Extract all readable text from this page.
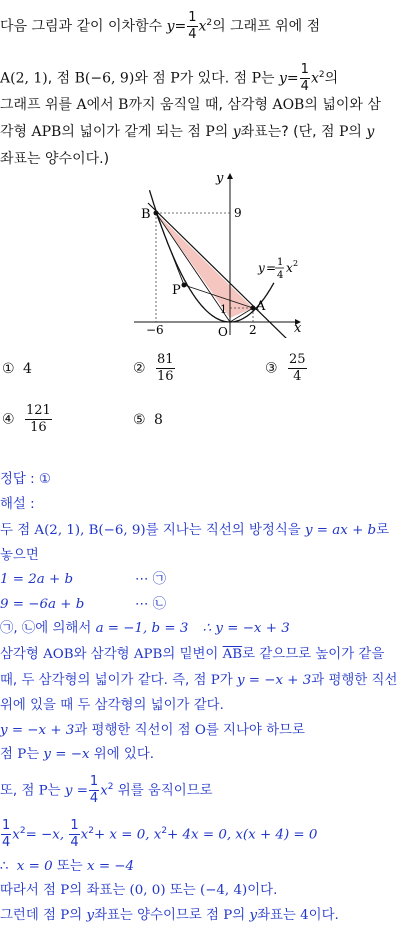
다음 그림과 같이 이차함수 $y= \frac{1}{4} x^2$의 그래프 위에 점
A(2, 1), 점 B(−6, 9)와 점 P가 있다. 점 P는 $y= \frac{1}{4} x^2$의
그래프 위를 A에서 B까지 움직일 때, 삼각형 AOB의 넓이와 삼
각형 APB의 넓이가 같게 되는 점 P의 y좌표는? (단, 점 P의 y
좌표는 양수이다.)
y
x
B
A
P
O
9
1
2
−6
y = 1
4
x 2
① 4	② $\frac{81}{16}$	③ $\frac{25}{4}$
④ $\frac{121}{16}$	⑤ 8
정답 : ①
해설 :
두 점 A(2, 1), B(−6, 9)를 지나는 직선의 방정식을 y = ax + b로
놓으면
1 = 2a + b	⋯ ㉠
9 = −6a + b	⋯ ㉡
㉠, ㉡에 의해서 a = −1, b = 3 ∴ y = −x + 3
삼각형 AOB와 삼각형 APB의 밑변이 $\overline{AB}$로 같으므로 높이가 같을
때, 두 삼각형의 넓이가 같다. 즉, 점 P가 y = −x + 3과 평행한 직선
위에 있을 때 두 삼각형의 넓이가 같다.
y = −x + 3과 평행한 직선이 점 O를 지나야 하므로
점 P는 y = −x 위에 있다.
또, 점 P는 $y = \frac{1}{4} x^2$ 위를 움직이므로
$\frac{1}{4} x^2= -x$, $\frac{1}{4} x^2+ x = 0$, $x^2+ 4x = 0$, x(x + 4) = 0
∴ x = 0 또는 x = −4
따라서 점 P의 좌표는 (0, 0) 또는 (−4, 4)이다.
그런데 점 P의 y좌표는 양수이므로 점 P의 y좌표는 4이다.
